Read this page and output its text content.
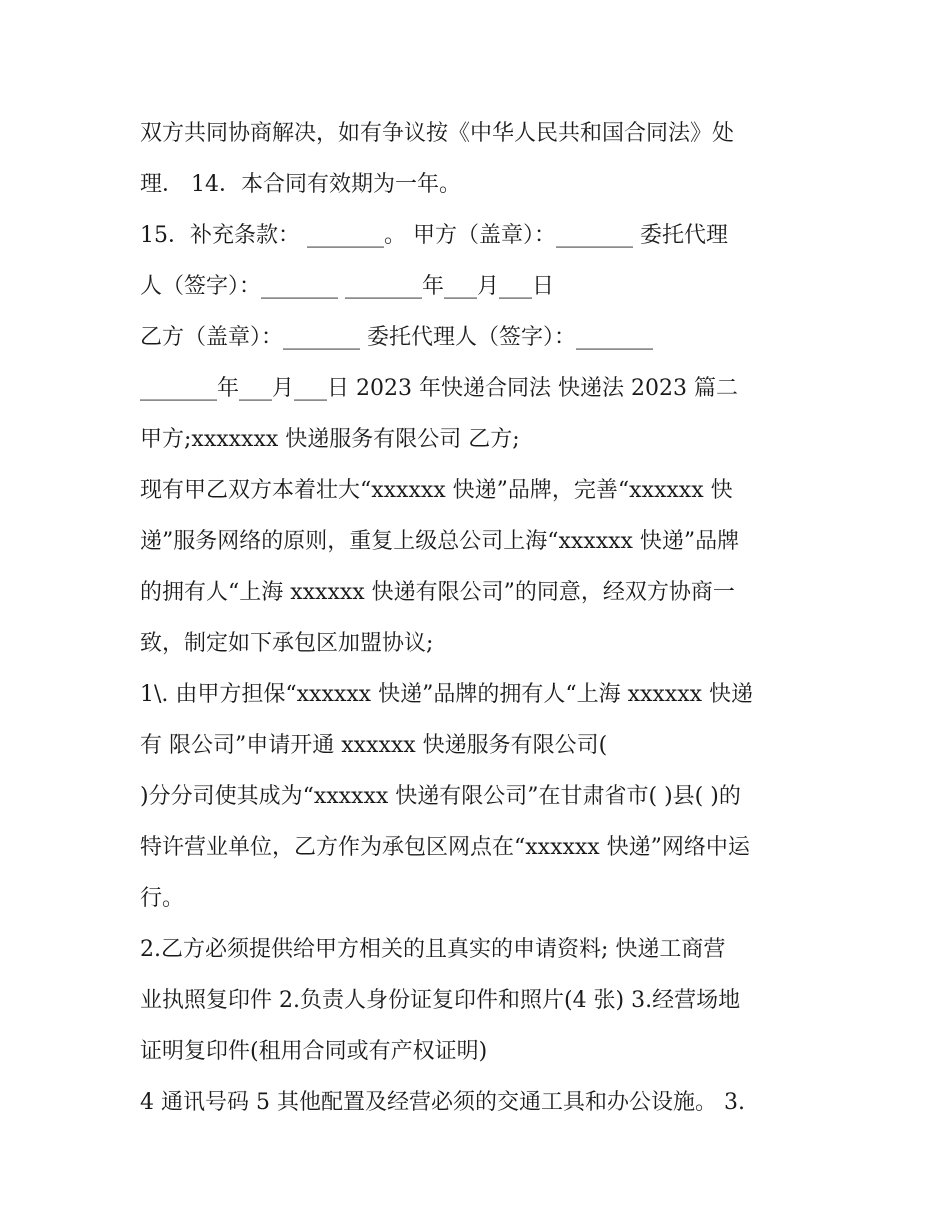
双方共同协商解决，如有争议按《中华人民共和国合同法》处
理． 14．本合同有效期为一年。
15．补充条款： _______。 甲方（盖章）：_______ 委托代理
人（签字）：_______ _______年___月___日
乙方（盖章）：_______ 委托代理人（签字）：_______
_______年___月___日 2023 年快递合同法 快递法 2023 篇二
甲方;xxxxxxx 快递服务有限公司 乙方;
现有甲乙双方本着壮大“xxxxxx 快递”品牌，完善“xxxxxx 快
递”服务网络的原则，重复上级总公司上海“xxxxxx 快递”品牌
的拥有人“上海 xxxxxx 快递有限公司”的同意，经双方协商一
致，制定如下承包区加盟协议;
1\. 由甲方担保“xxxxxx 快递”品牌的拥有人“上海 xxxxxx 快递
有 限公司”申请开通 xxxxxx 快递服务有限公司(
)分分司使其成为“xxxxxx 快递有限公司”在甘肃省市( )县( )的
特许营业单位，乙方作为承包区网点在“xxxxxx 快递”网络中运
行。
2.乙方必须提供给甲方相关的且真实的申请资料; 快递工商营
业执照复印件 2.负责人身份证复印件和照片(4 张) 3.经营场地
证明复印件(租用合同或有产权证明)
4 通讯号码 5 其他配置及经营必须的交通工具和办公设施。 3.
